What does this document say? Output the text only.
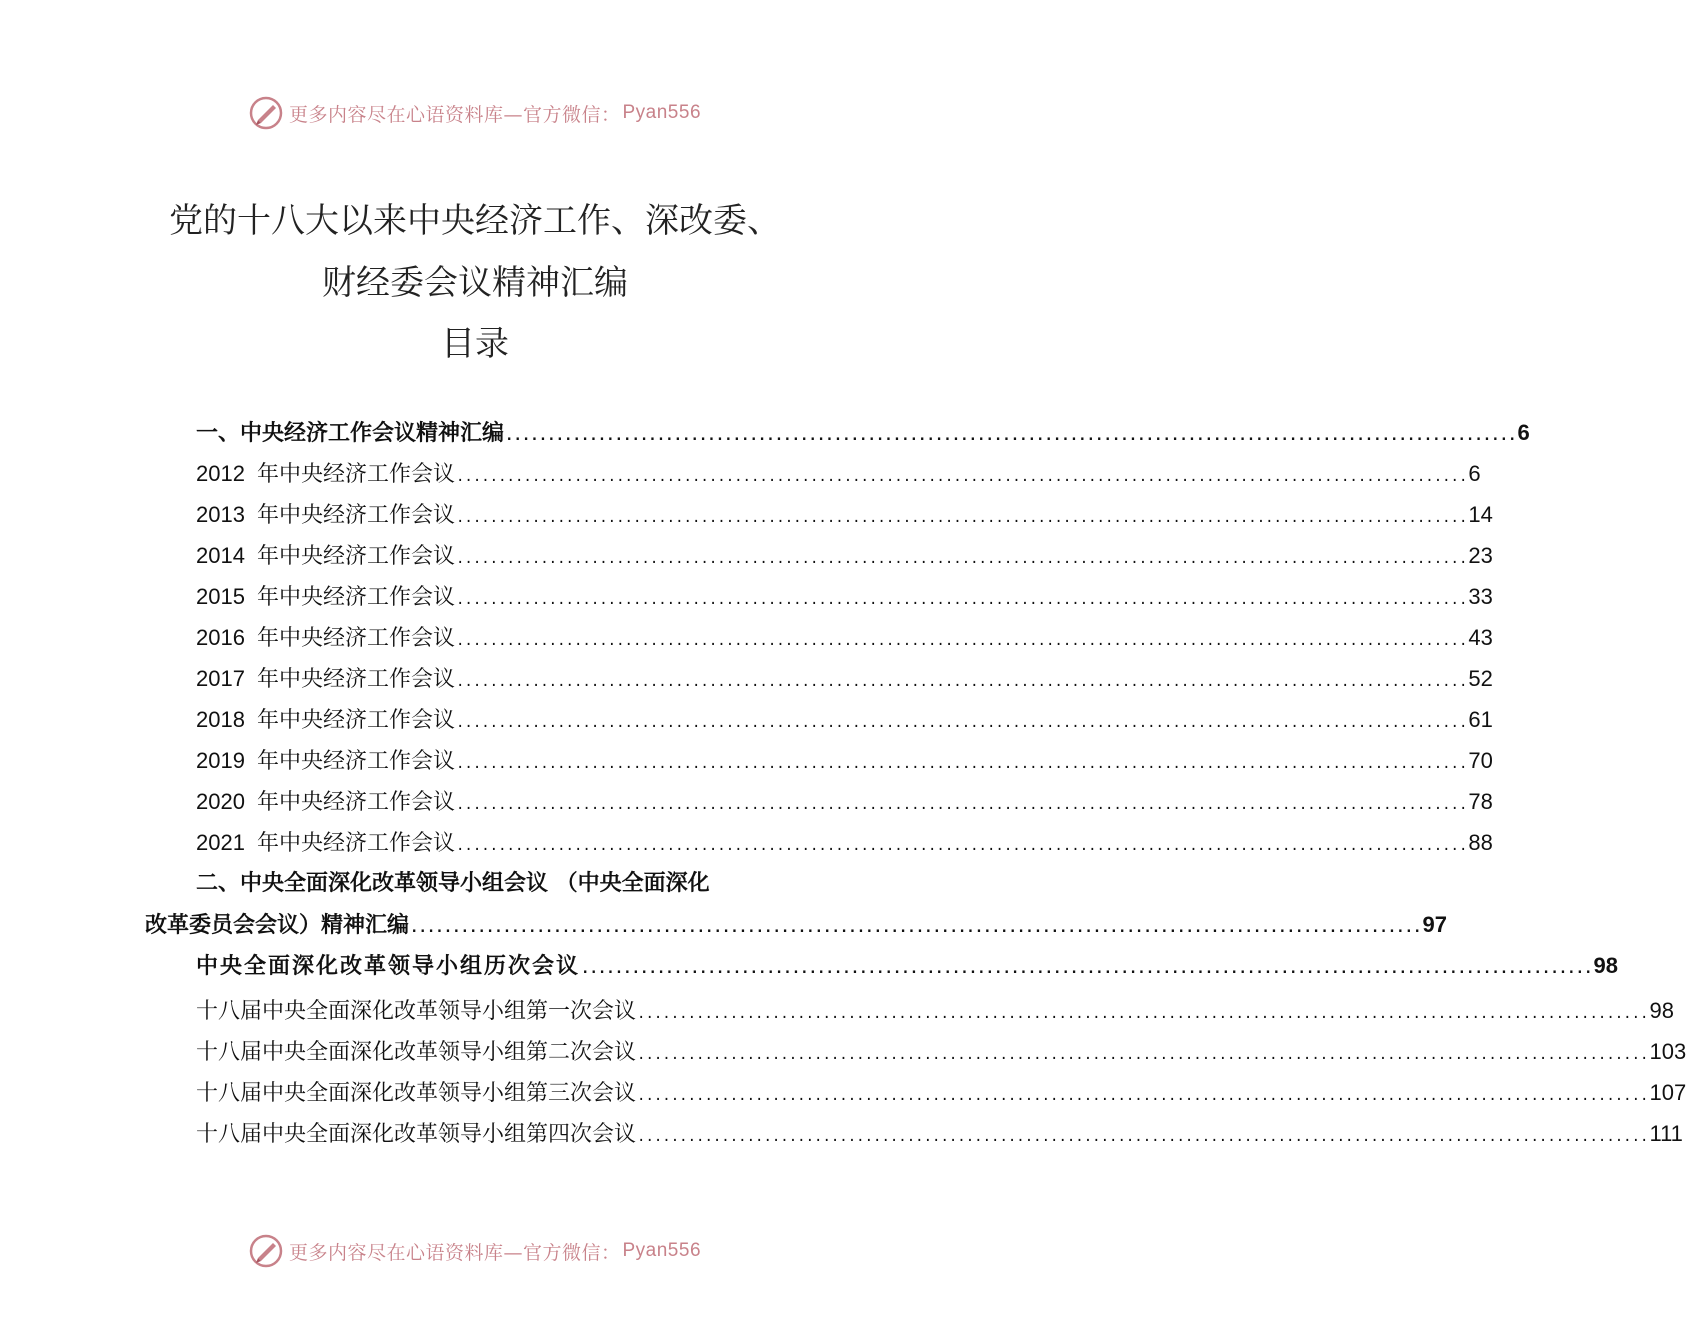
更多内容尽在心语资料库—官方微信： Pyan556
党的十八大以来中央经济工作、深改委、
财经委会议精神汇编
目录
一、中央经济工作会议精神汇编 ........................................................................................................................ 6
2012 年中央经济工作会议 ........................................................................................................................ 6
2013 年中央经济工作会议 ........................................................................................................................ 14
2014 年中央经济工作会议 ........................................................................................................................ 23
2015 年中央经济工作会议 ........................................................................................................................ 33
2016 年中央经济工作会议 ........................................................................................................................ 43
2017 年中央经济工作会议 ........................................................................................................................ 52
2018 年中央经济工作会议 ........................................................................................................................ 61
2019 年中央经济工作会议 ........................................................................................................................ 70
2020 年中央经济工作会议 ........................................................................................................................ 78
2021 年中央经济工作会议 ........................................................................................................................ 88
二、中央全面深化改革领导小组会议 （中央全面深化
改革委员会会议）精神汇编 ........................................................................................................................ 97
中央全面深化改革领导小组历次会议 ........................................................................................................................ 98
十八届中央全面深化改革领导小组第一次会议 ........................................................................................................................ 98
十八届中央全面深化改革领导小组第二次会议 ........................................................................................................................ 103
十八届中央全面深化改革领导小组第三次会议 ........................................................................................................................ 107
十八届中央全面深化改革领导小组第四次会议 ........................................................................................................................ 111
更多内容尽在心语资料库—官方微信： Pyan556
